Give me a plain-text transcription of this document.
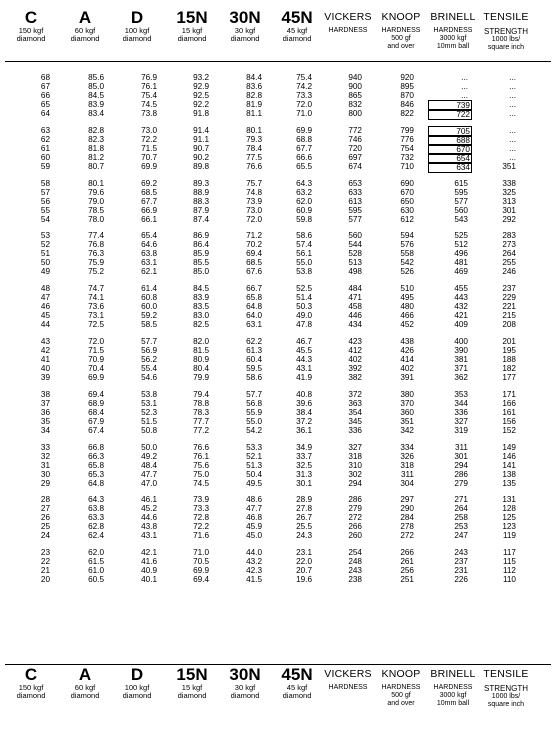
C
150 kgf
diamond
A
60 kgf
diamond
D
100 kgf
diamond
15N
15 kgf
diamond
30N
30 kgf
diamond
45N
45 kgf
diamond
VICKERS
HARDNESS
KNOOP
HARDNESS
500 gf
and over
BRINELL
HARDNESS
3000 kgf
10mm ball
TENSILE
STRENGTH
1000 lbs/
square inch
68	85.6	76.9	93.2	84.4	75.4	940	920	...	...
67	85.0	76.1	92.9	83.6	74.2	900	895	...	...
66	84.5	75.4	92.5	82.8	73.3	865	870	...	...
65	83.9	74.5	92.2	81.9	72.0	832	846	739	...
64	83.4	73.8	91.8	81.1	71.0	800	822	722	...
63	82.8	73.0	91.4	80.1	69.9	772	799	705	...
62	82.3	72.2	91.1	79.3	68.8	746	776	688	...
61	81.8	71.5	90.7	78.4	67.7	720	754	670	...
60	81.2	70.7	90.2	77.5	66.6	697	732	654	...
59	80.7	69.9	89.8	76.6	65.5	674	710	634	351
58	80.1	69.2	89.3	75.7	64.3	653	690	615	338
57	79.6	68.5	88.9	74.8	63.2	633	670	595	325
56	79.0	67.7	88.3	73.9	62.0	613	650	577	313
55	78.5	66.9	87.9	73.0	60.9	595	630	560	301
54	78.0	66.1	87.4	72.0	59.8	577	612	543	292
53	77.4	65.4	86.9	71.2	58.6	560	594	525	283
52	76.8	64.6	86.4	70.2	57.4	544	576	512	273
51	76.3	63.8	85.9	69.4	56.1	528	558	496	264
50	75.9	63.1	85.5	68.5	55.0	513	542	481	255
49	75.2	62.1	85.0	67.6	53.8	498	526	469	246
48	74.7	61.4	84.5	66.7	52.5	484	510	455	237
47	74.1	60.8	83.9	65.8	51.4	471	495	443	229
46	73.6	60.0	83.5	64.8	50.3	458	480	432	221
45	73.1	59.2	83.0	64.0	49.0	446	466	421	215
44	72.5	58.5	82.5	63.1	47.8	434	452	409	208
43	72.0	57.7	82.0	62.2	46.7	423	438	400	201
42	71.5	56.9	81.5	61.3	45.5	412	426	390	195
41	70.9	56.2	80.9	60.4	44.3	402	414	381	188
40	70.4	55.4	80.4	59.5	43.1	392	402	371	182
39	69.9	54.6	79.9	58.6	41.9	382	391	362	177
38	69.4	53.8	79.4	57.7	40.8	372	380	353	171
37	68.9	53.1	78.8	56.8	39.6	363	370	344	166
36	68.4	52.3	78.3	55.9	38.4	354	360	336	161
35	67.9	51.5	77.7	55.0	37.2	345	351	327	156
34	67.4	50.8	77.2	54.2	36.1	336	342	319	152
33	66.8	50.0	76.6	53.3	34.9	327	334	311	149
32	66.3	49.2	76.1	52.1	33.7	318	326	301	146
31	65.8	48.4	75.6	51.3	32.5	310	318	294	141
30	65.3	47.7	75.0	50.4	31.3	302	311	286	138
29	64.8	47.0	74.5	49.5	30.1	294	304	279	135
28	64.3	46.1	73.9	48.6	28.9	286	297	271	131
27	63.8	45.2	73.3	47.7	27.8	279	290	264	128
26	63.3	44.6	72.8	46.8	26.7	272	284	258	125
25	62.8	43.8	72.2	45.9	25.5	266	278	253	123
24	62.4	43.1	71.6	45.0	24.3	260	272	247	119
23	62.0	42.1	71.0	44.0	23.1	254	266	243	117
22	61.5	41.6	70.5	43.2	22.0	248	261	237	115
21	61.0	40.9	69.9	42.3	20.7	243	256	231	112
20	60.5	40.1	69.4	41.5	19.6	238	251	226	110
C
150 kgf
diamond
A
60 kgf
diamond
D
100 kgf
diamond
15N
15 kgf
diamond
30N
30 kgf
diamond
45N
45 kgf
diamond
VICKERS
HARDNESS
KNOOP
HARDNESS
500 gf
and over
BRINELL
HARDNESS
3000 kgf
10mm ball
TENSILE
STRENGTH
1000 lbs/
square inch
